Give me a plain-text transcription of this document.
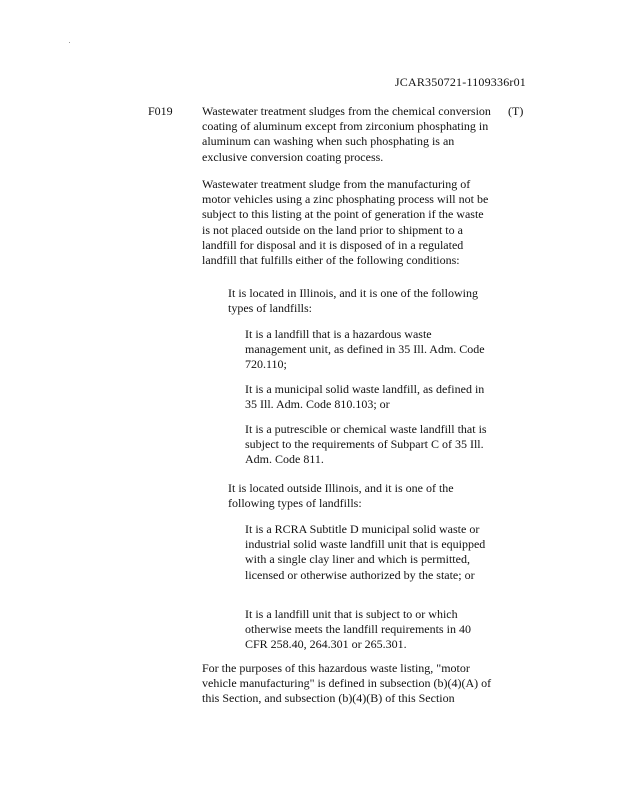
JCAR350721-1109336r01
F019	(T)

Wastewater treatment sludges from the chemical conversion coating of aluminum except from zirconium phosphating in aluminum can washing when such phosphating is an exclusive conversion coating process.

Wastewater treatment sludge from the manufacturing of motor vehicles using a zinc phosphating process will not be subject to this listing at the point of generation if the waste is not placed outside on the land prior to shipment to a landfill for disposal and it is disposed of in a regulated landfill that fulfills either of the following conditions:

It is located in Illinois, and it is one of the following types of landfills:

It is a landfill that is a hazardous waste management unit, as defined in 35 Ill. Adm. Code 720.110;

It is a municipal solid waste landfill, as defined in 35 Ill. Adm. Code 810.103; or

It is a putrescible or chemical waste landfill that is subject to the requirements of Subpart C of 35 Ill. Adm. Code 811.

It is located outside Illinois, and it is one of the following types of landfills:

It is a RCRA Subtitle D municipal solid waste or industrial solid waste landfill unit that is equipped with a single clay liner and which is permitted, licensed or otherwise authorized by the state; or

It is a landfill unit that is subject to or which otherwise meets the landfill requirements in 40 CFR 258.40, 264.301 or 265.301.

For the purposes of this hazardous waste listing, "motor vehicle manufacturing" is defined in subsection (b)(4)(A) of this Section, and subsection (b)(4)(B) of this Section
